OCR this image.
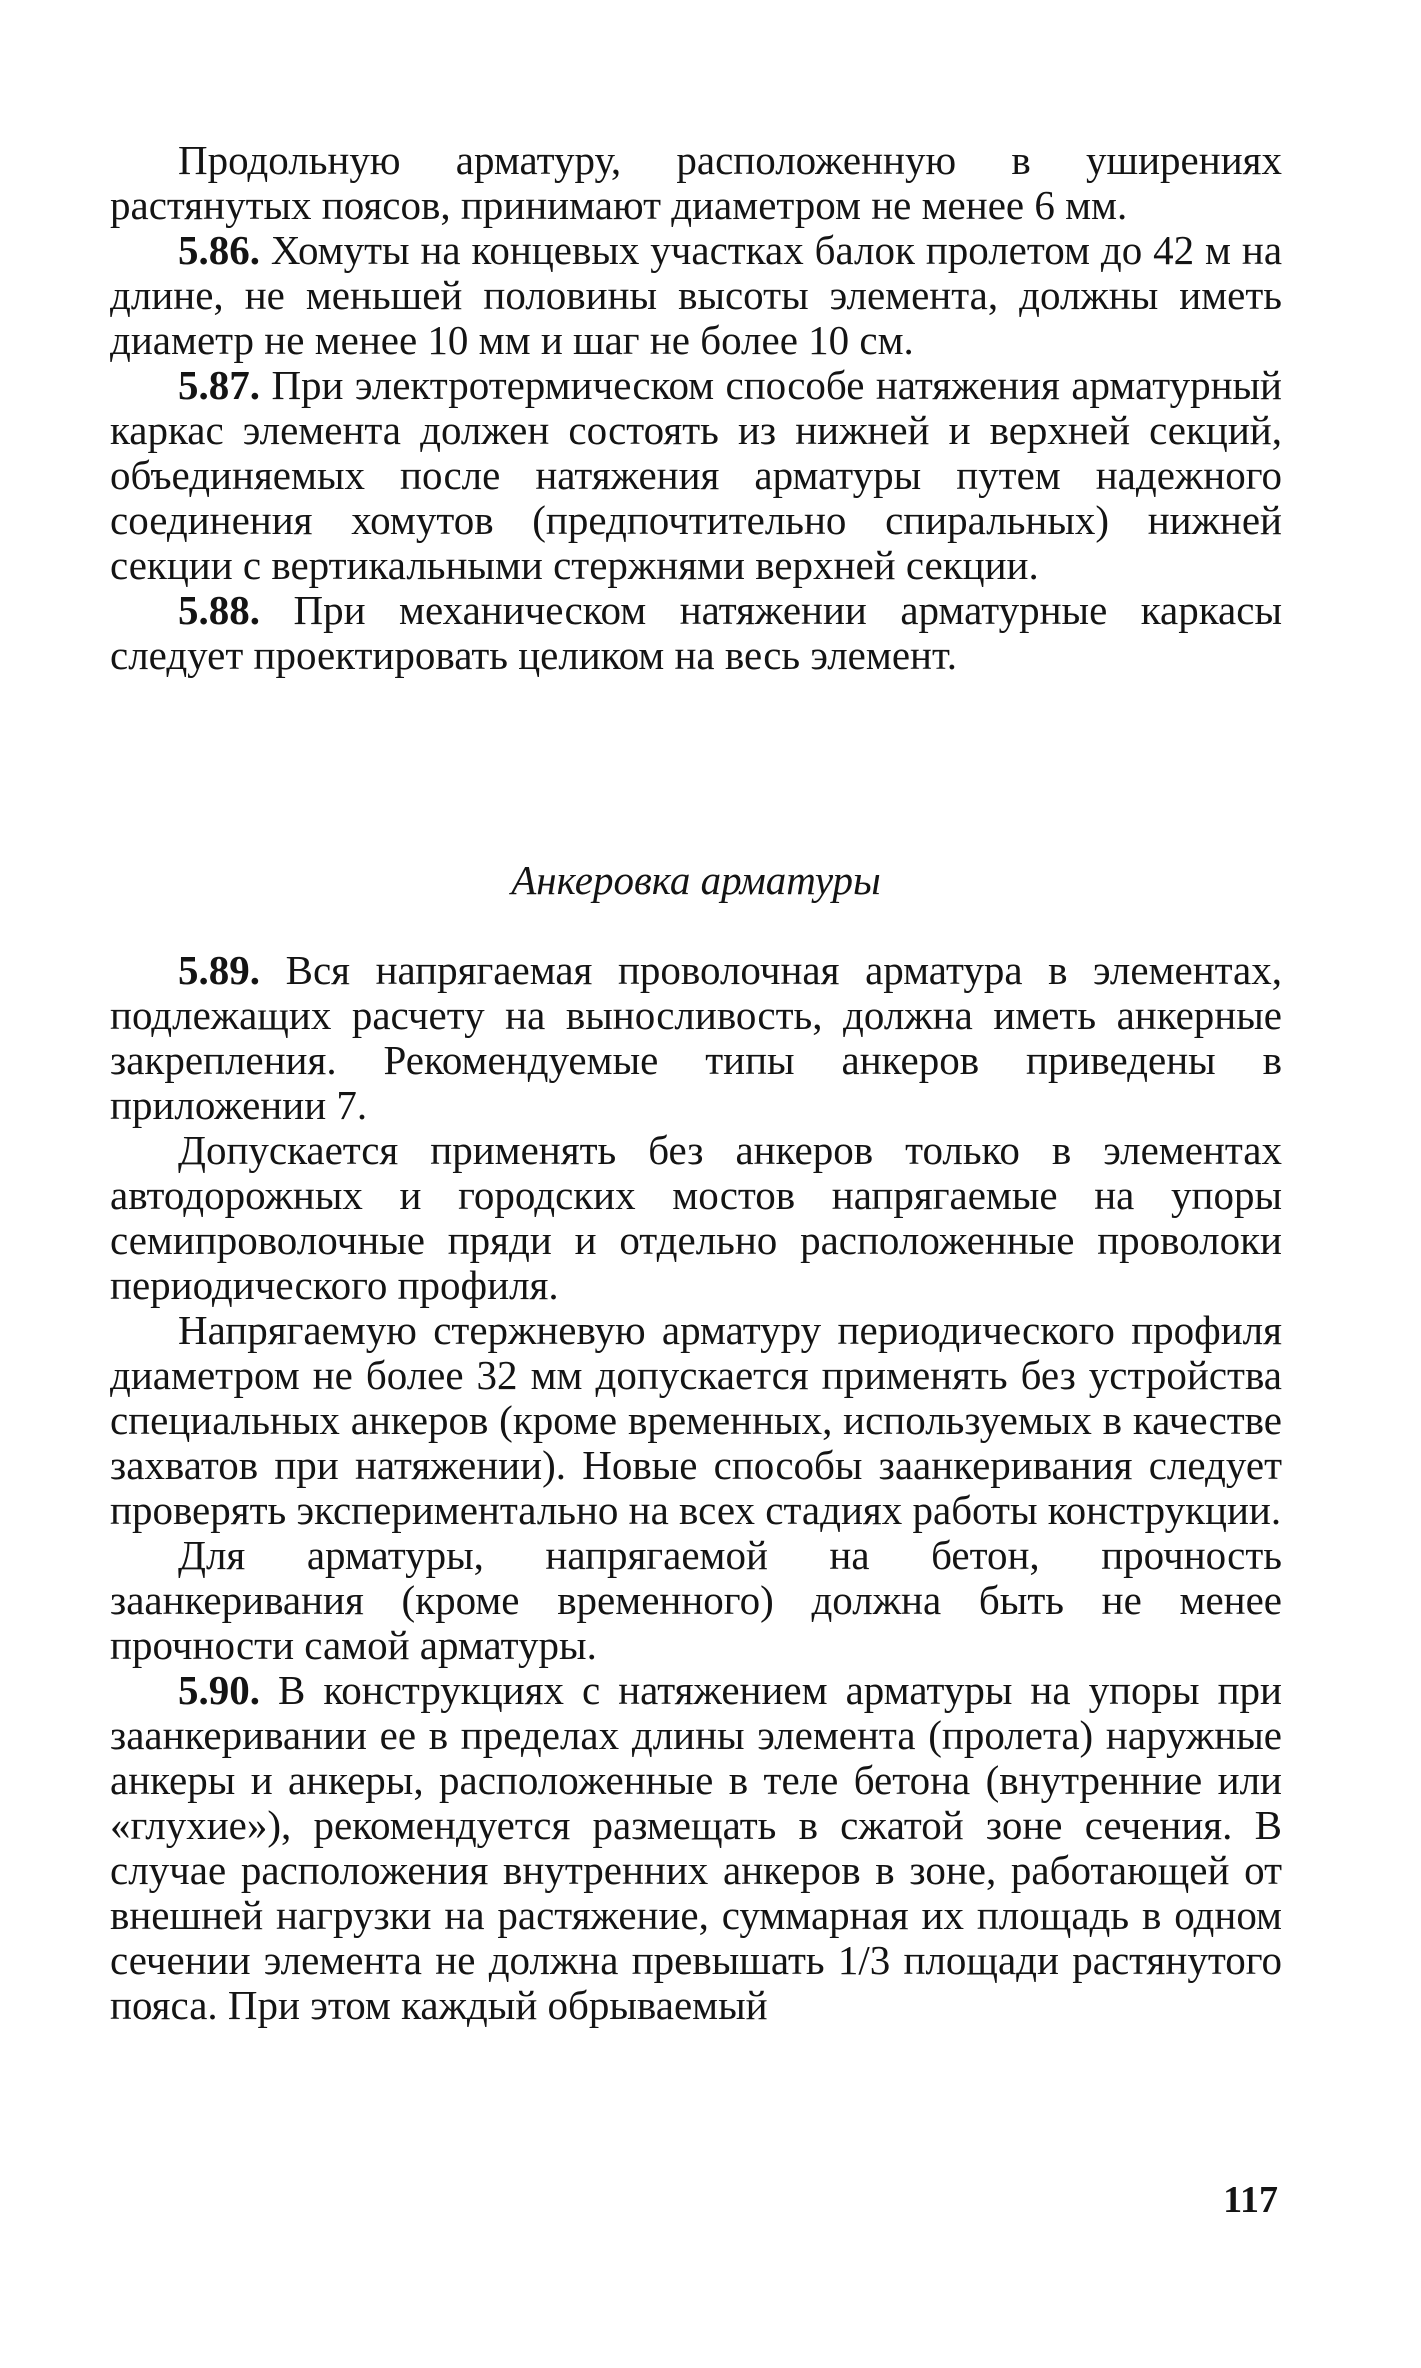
Продольную арматуру, расположенную в уширениях растянутых поясов, принимают диаметром не менее 6 мм.

5.86. Хомуты на концевых участках балок пролетом до 42 м на длине, не меньшей половины высоты элемента, должны иметь диаметр не менее 10 мм и шаг не более 10 см.

5.87. При электротермическом способе натяжения арматурный каркас элемента должен состоять из нижней и верхней секций, объединяемых после натяжения арматуры путем надежного соединения хомутов (предпочтительно спиральных) нижней секции с вертикальными стержнями верхней секции.

5.88. При механическом натяжении арматурные каркасы следует проектировать целиком на весь элемент.

Анкеровка арматуры

5.89. Вся напрягаемая проволочная арматура в элементах, подлежащих расчету на выносливость, должна иметь анкерные закрепления. Рекомендуемые типы анкеров приведены в приложении 7.

Допускается применять без анкеров только в элементах автодорожных и городских мостов напрягаемые на упоры семипроволочные пряди и отдельно расположенные проволоки периодического профиля.

Напрягаемую стержневую арматуру периодического профиля диаметром не более 32 мм допускается применять без устройства специальных анкеров (кроме временных, используемых в качестве захватов при натяжении). Новые способы заанкеривания следует проверять экспериментально на всех стадиях работы конструкции.

Для арматуры, напрягаемой на бетон, прочность заанкеривания (кроме временного) должна быть не менее прочности самой арматуры.

5.90. В конструкциях с натяжением арматуры на упоры при заанкеривании ее в пределах длины элемента (пролета) наружные анкеры и анкеры, расположенные в теле бетона (внутренние или «глухие»), рекомендуется размещать в сжатой зоне сечения. В случае расположения внутренних анкеров в зоне, работающей от внешней нагрузки на растяжение, суммарная их площадь в одном сечении элемента не должна превышать 1/3 площади растянутого пояса. При этом каждый обрываемый

117
